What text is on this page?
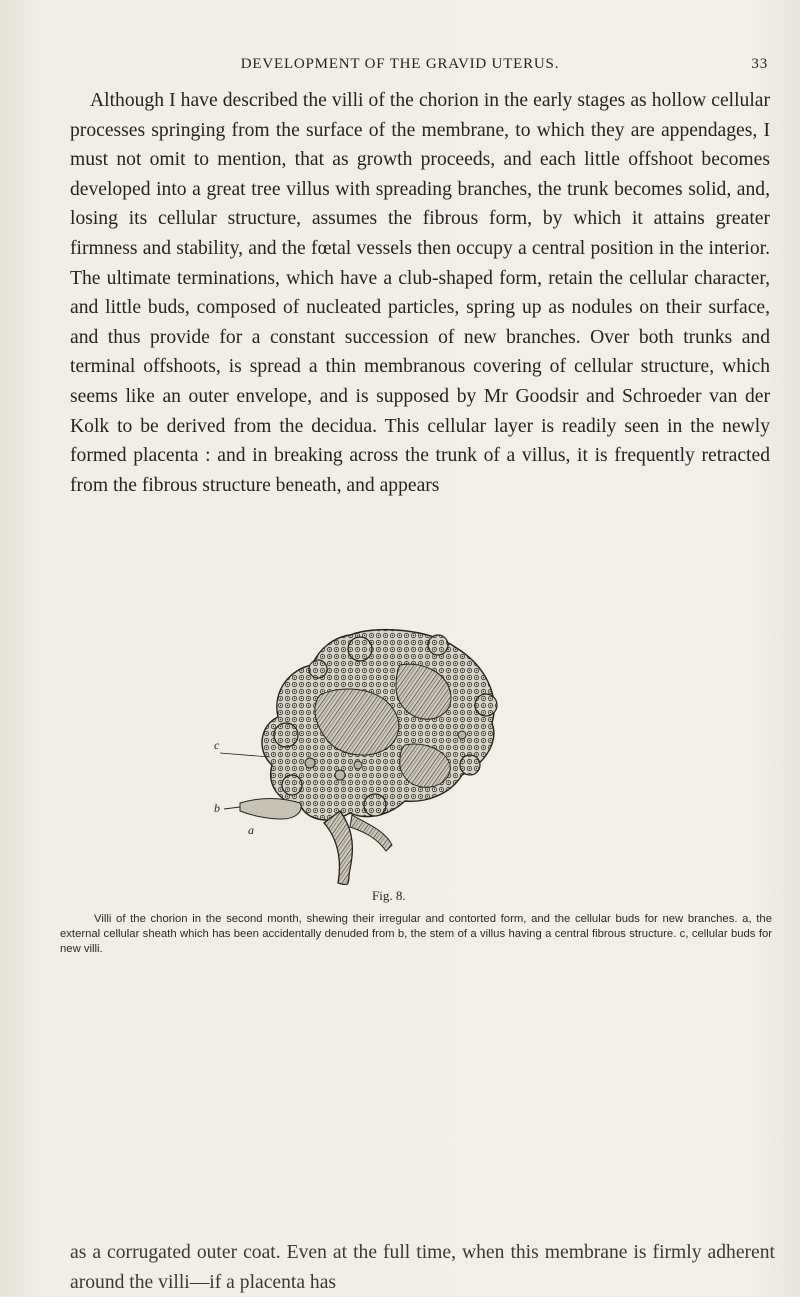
DEVELOPMENT OF THE GRAVID UTERUS.	33

Although I have described the villi of the chorion in the early stages as hollow cellular processes springing from the surface of the membrane, to which they are appendages, I must not omit to mention, that as growth proceeds, and each little offshoot becomes developed into a great tree villus with spreading branches, the trunk becomes solid, and, losing its cellular structure, assumes the fibrous form, by which it attains greater firmness and stability, and the fœtal vessels then occupy a central position in the interior. The ultimate terminations, which have a club-shaped form, retain the cellular character, and little buds, composed of nucleated particles, spring up as nodules on their surface, and thus provide for a constant succession of new branches. Over both trunks and terminal offshoots, is spread a thin membranous covering of cellular structure, which seems like an outer envelope, and is supposed by Mr Goodsir and Schroeder van der Kolk to be derived from the decidua. This cellular layer is readily seen in the newly formed placenta : and in breaking across the trunk of a villus, it is frequently retracted from the fibrous structure beneath, and appears

c
b
a
Fig. 8.

Villi of the chorion in the second month, shewing their irregular and contorted form, and the cellular buds for new branches. a, the external cellular sheath which has been accidentally denuded from b, the stem of a villus having a central fibrous structure. c, cellular buds for new villi.

as a corrugated outer coat. Even at the full time, when this membrane is firmly adherent around the villi—if a placenta has
